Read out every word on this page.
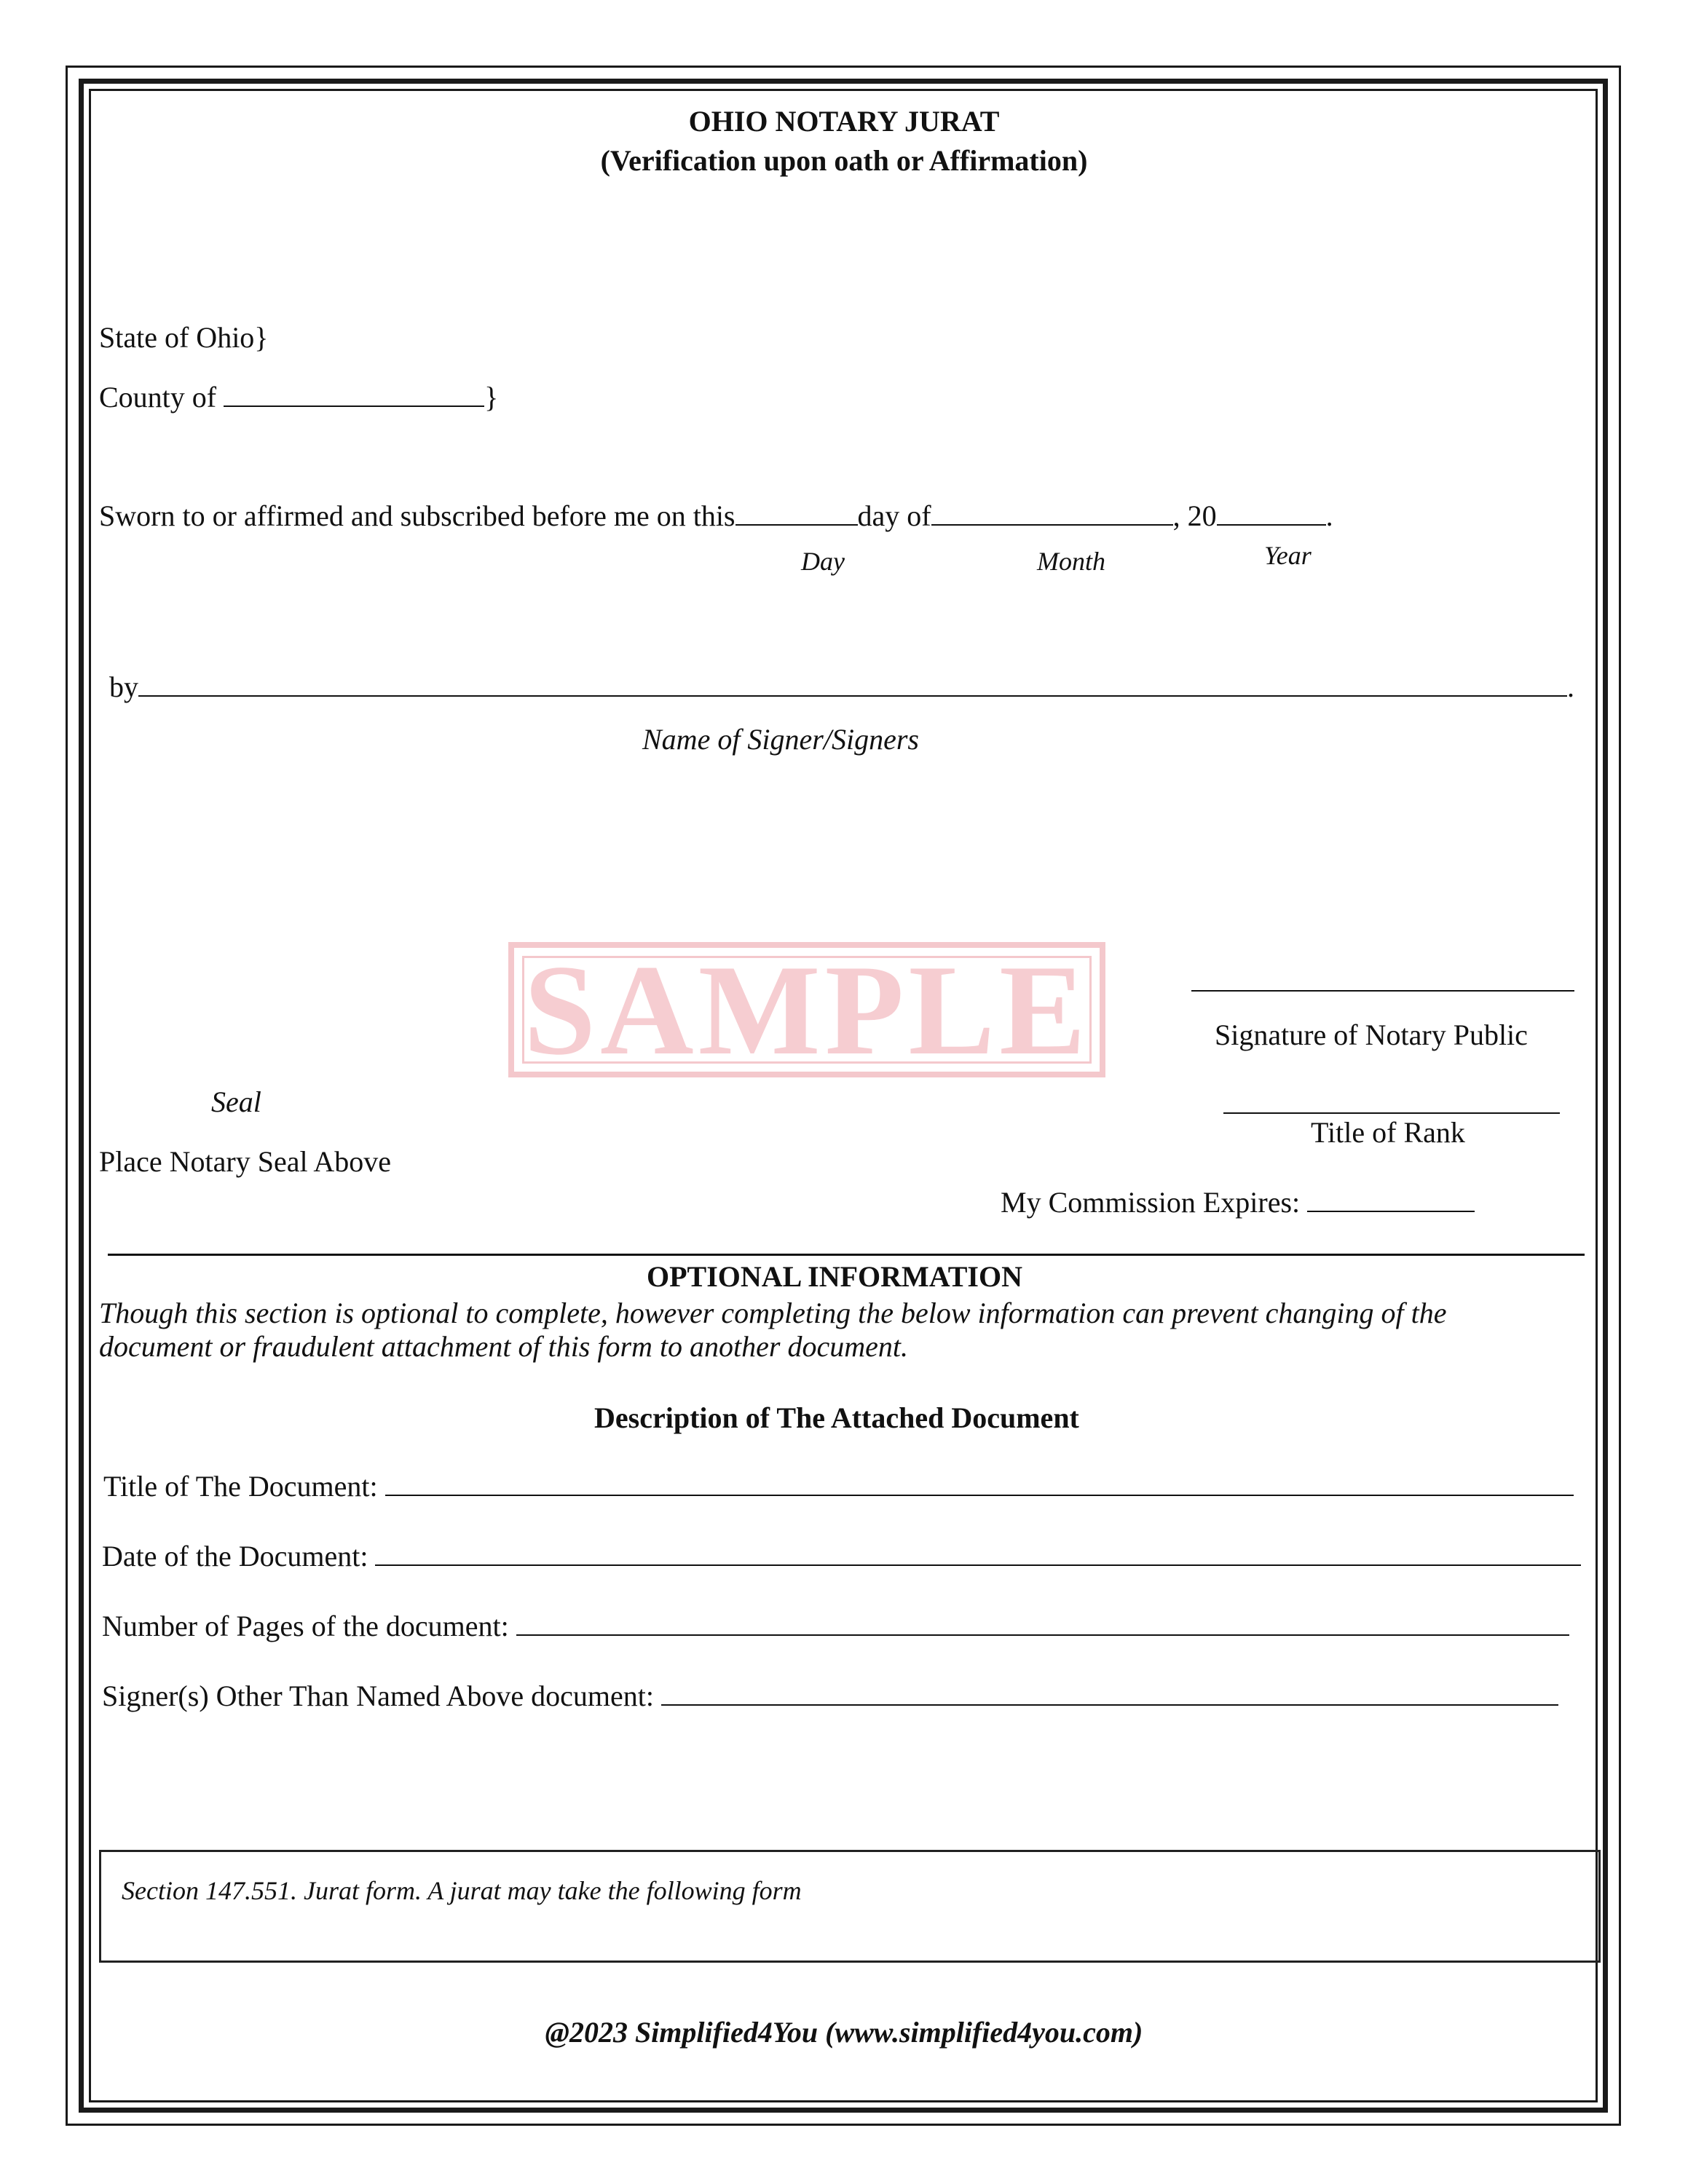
OHIO NOTARY JURAT
(Verification upon oath or Affirmation)
State of Ohio}
County of	}
Sworn to or affirmed and subscribed before me on this	day of	, 20	.
Day	Month	Year
by	.
Name of Signer/Signers
SAMPLE	Signature of Notary Public
Title of Rank
My Commission Expires:
Seal
Place Notary Seal Above
OPTIONAL INFORMATION
Though this section is optional to complete, however completing the below information can prevent changing of the
document or fraudulent attachment of this form to another document.
Description of The Attached Document
Title of The Document:
Date of the Document:
Number of Pages of the document:
Signer(s) Other Than Named Above document:
Section 147.551. Jurat form. A jurat may take the following form
@2023 Simplified4You (www.simplified4you.com)
